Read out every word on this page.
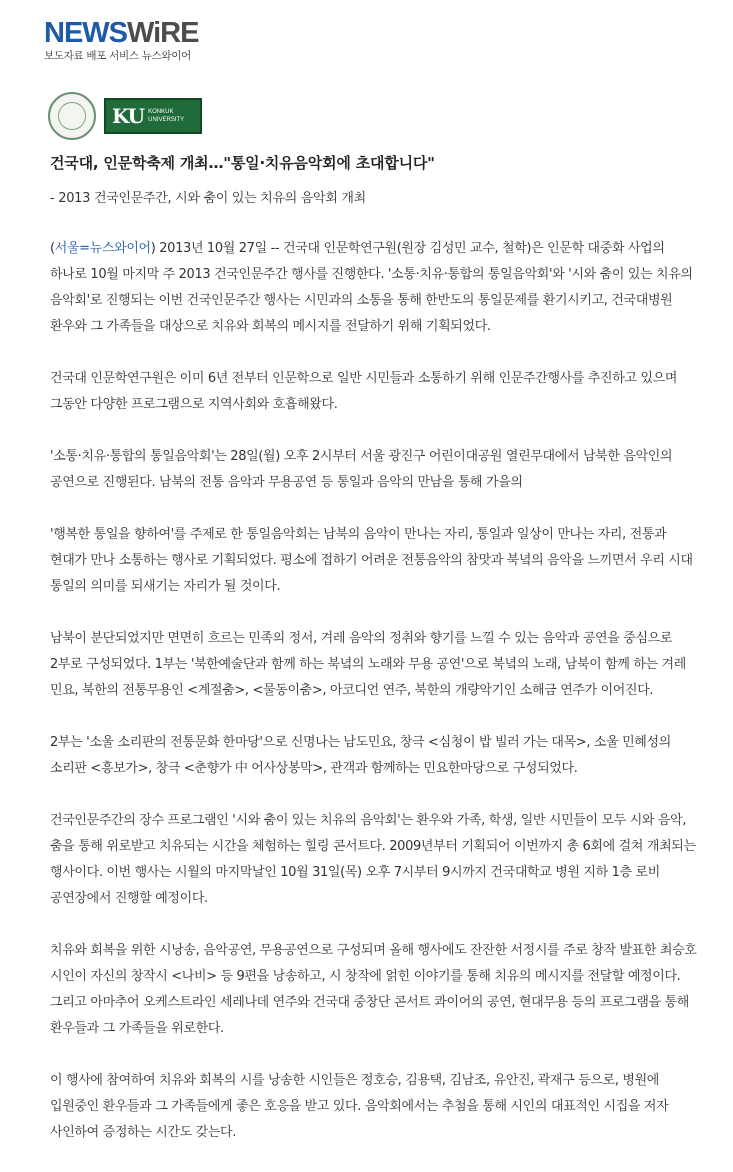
NEWSWiRE
보도자료 배포 서비스 뉴스와이어
KU KONKUK
UNIVERSITY
건국대, 인문학축제 개최…"통일·치유음악회에 초대합니다"

- 2013 건국인문주간, 시와 춤이 있는 치유의 음악회 개최

(서울=뉴스와이어) 2013년 10월 27일 -- 건국대 인문학연구원(원장 김성민 교수, 철학)은 인문학 대중화 사업의 하나로 10월 마지막 주 2013 건국인문주간 행사를 진행한다. '소통·치유·통합의 통일음악회'와 '시와 춤이 있는 치유의 음악회'로 진행되는 이번 건국인문주간 행사는 시민과의 소통을 통해 한반도의 통일문제를 환기시키고, 건국대병원 환우와 그 가족들을 대상으로 치유와 회복의 메시지를 전달하기 위해 기획되었다.

건국대 인문학연구원은 이미 6년 전부터 인문학으로 일반 시민들과 소통하기 위해 인문주간행사를 추진하고 있으며 그동안 다양한 프로그램으로 지역사회와 호흡해왔다.

'소통·치유·통합의 통일음악회'는 28일(월) 오후 2시부터 서울 광진구 어린이대공원 열린무대에서 남북한 음악인의 공연으로 진행된다. 남북의 전통 음악과 무용공연 등 통일과 음악의 만남을 통해 가을의

'행복한 통일을 향하여'를 주제로 한 통일음악회는 남북의 음악이 만나는 자리, 통일과 일상이 만나는 자리, 전통과 현대가 만나 소통하는 행사로 기획되었다. 평소에 접하기 어려운 전통음악의 참맛과 북녘의 음악을 느끼면서 우리 시대 통일의 의미를 되새기는 자리가 될 것이다.

남북이 분단되었지만 면면히 흐르는 민족의 정서, 겨레 음악의 정취와 향기를 느낄 수 있는 음악과 공연을 중심으로 2부로 구성되었다. 1부는 '북한예술단과 함께 하는 북녘의 노래와 무용 공연'으로 북녘의 노래, 남북이 함께 하는 겨레 민요, 북한의 전통무용인 <계절춤>, <물동이춤>, 아코디언 연주, 북한의 개량악기인 소해금 연주가 이어진다.

2부는 '소울 소리판의 전통문화 한마당'으로 신명나는 남도민요, 창극 <심청이 밥 빌러 가는 대목>, 소울 민혜성의 소리판 <흥보가>, 창극 <춘향가 中 어사상봉막>, 관객과 함께하는 민요한마당으로 구성되었다.

건국인문주간의 장수 프로그램인 '시와 춤이 있는 치유의 음악회'는 환우와 가족, 학생, 일반 시민들이 모두 시와 음악, 춤을 통해 위로받고 치유되는 시간을 체험하는 힐링 콘서트다. 2009년부터 기획되어 이번까지 총 6회에 걸쳐 개최되는 행사이다. 이번 행사는 시월의 마지막날인 10월 31일(목) 오후 7시부터 9시까지 건국대학교 병원 지하 1층 로비 공연장에서 진행할 예정이다.

치유와 회복을 위한 시낭송, 음악공연, 무용공연으로 구성되며 올해 행사에도 잔잔한 서정시를 주로 창작 발표한 최승호 시인이 자신의 창작시 <나비> 등 9편을 낭송하고, 시 창작에 얽힌 이야기를 통해 치유의 메시지를 전달할 예정이다. 그리고 아마추어 오케스트라인 세레나데 연주와 건국대 중창단 콘서트 콰이어의 공연, 현대무용 등의 프로그램을 통해 환우들과 그 가족들을 위로한다.

이 행사에 참여하여 치유와 회복의 시를 낭송한 시인들은 정호승, 김용택, 김남조, 유안진, 곽재구 등으로, 병원에 입원중인 환우들과 그 가족들에게 좋은 호응을 받고 있다. 음악회에서는 추첨을 통해 시인의 대표적인 시집을 저자 사인하여 증정하는 시간도 갖는다.
